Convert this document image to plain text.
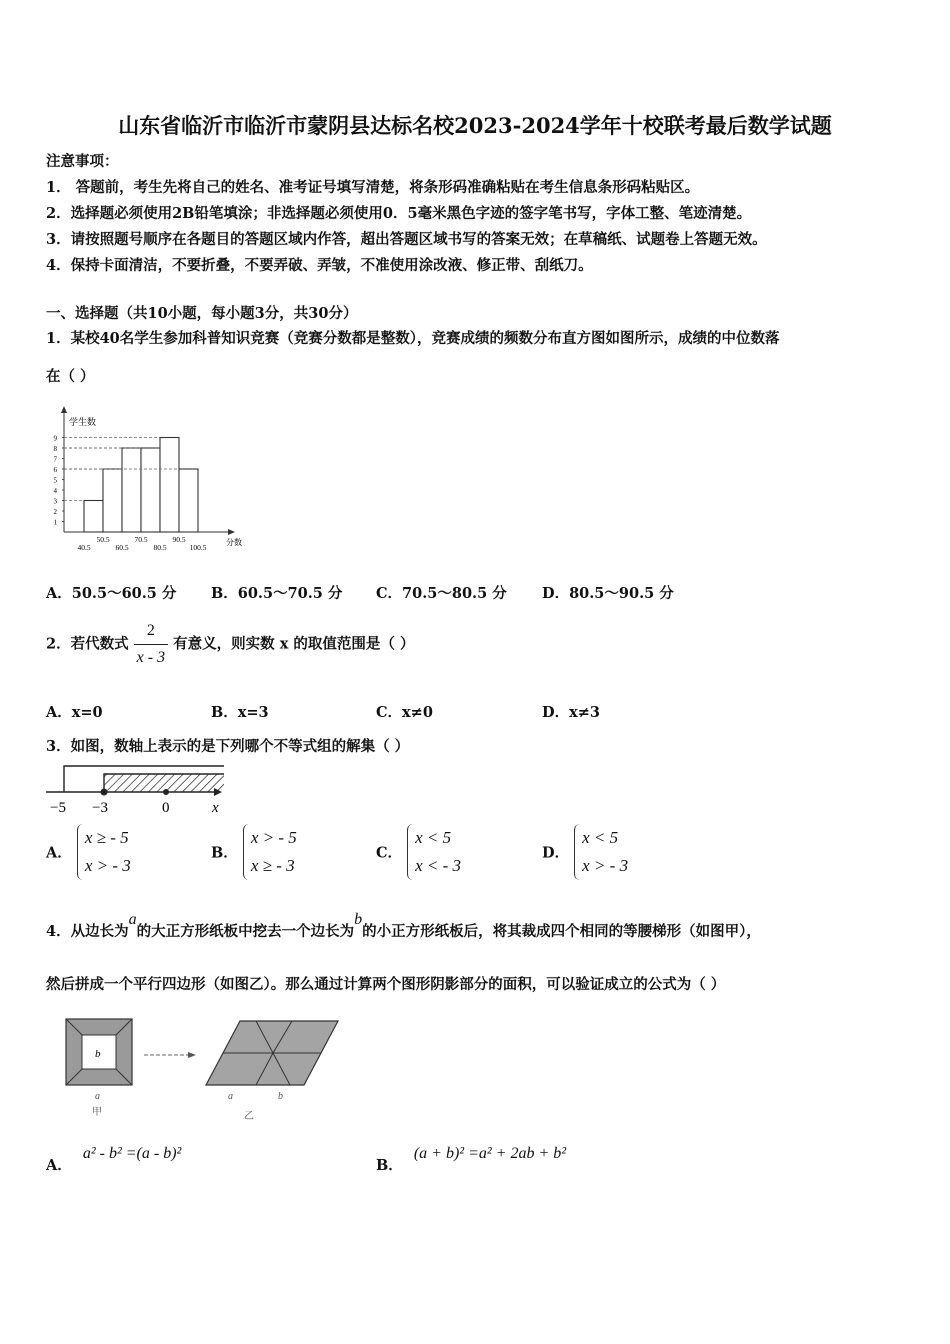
山东省临沂市临沂市蒙阴县达标名校2023-2024学年十校联考最后数学试题
注意事项：
1． 答题前，考生先将自己的姓名、准考证号填写清楚，将条形码准确粘贴在考生信息条形码粘贴区。
2．选择题必须使用2B铅笔填涂；非选择题必须使用0．5毫米黑色字迹的签字笔书写，字体工整、笔迹清楚。
3．请按照题号顺序在各题目的答题区域内作答，超出答题区域书写的答案无效；在草稿纸、试题卷上答题无效。
4．保持卡面清洁，不要折叠，不要弄破、弄皱，不准使用涂改液、修正带、刮纸刀。
一、选择题（共10小题，每小题3分，共30分）
1．某校40名学生参加科普知识竞赛（竞赛分数都是整数），竞赛成绩的频数分布直方图如图所示，成绩的中位数落
在（ ）
学生数
分数
1
2
3
4
5
6
7
8
9
40.5	60.5	80.5	100.5
50.5	70.5	90.5
A．50.5～60.5 分 B．60.5～70.5 分 C．70.5～80.5 分 D．80.5～90.5 分
2．若代数式 $\frac{2}{x - 3}$ 有意义，则实数 x 的取值范围是（ ）
A．x=0	B．x=3	C．x≠0	D．x≠3
3．如图，数轴上表示的是下列哪个不等式组的解集（ ）
−5 −3	0	x
A．
x ≥ - 5
x > - 3
B．
x > - 5
x ≥ - 3
C．
x < 5
x < - 3
D．
x < 5
x > - 3
4．从边长为a的大正方形纸板中挖去一个边长为b的小正方形纸板后，将其裁成四个相同的等腰梯形（如图甲），
然后拼成一个平行四边形（如图乙）。那么通过计算两个图形阴影部分的面积，可以验证成立的公式为（ ）
b
a
甲
a	b
乙
A． a² - b² =(a - b)²
B． (a + b)² =a² + 2ab + b²
